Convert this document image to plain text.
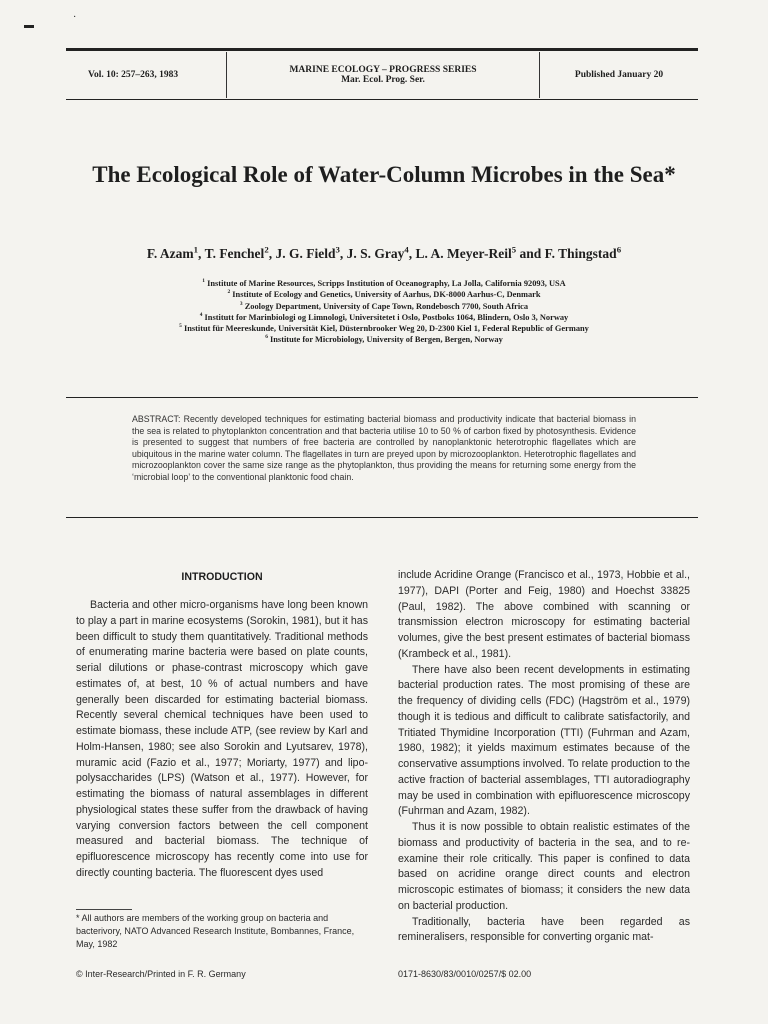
▬
·
Vol. 10: 257–263, 1983	MARINE ECOLOGY – PROGRESS SERIES
Mar. Ecol. Prog. Ser.	Published January 20
The Ecological Role of Water-Column Microbes in the Sea*
F. Azam$^1$, T. Fenchel$^2$, J. G. Field$^3$, J. S. Gray$^4$, L. A. Meyer-Reil$^5$ and F. Thingstad$^6$
$^1$ Institute of Marine Resources, Scripps Institution of Oceanography, La Jolla, California 92093, USA
$^2$ Institute of Ecology and Genetics, University of Aarhus, DK-8000 Aarhus-C, Denmark
$^3$ Zoology Department, University of Cape Town, Rondebosch 7700, South Africa
$^4$ Institutt for Marinbiologi og Limnologi, Universitetet i Oslo, Postboks 1064, Blindern, Oslo 3, Norway
$^5$ Institut für Meereskunde, Universität Kiel, Düsternbrooker Weg 20, D-2300 Kiel 1, Federal Republic of Germany
$^6$ Institute for Microbiology, University of Bergen, Bergen, Norway
ABSTRACT: Recently developed techniques for estimating bacterial biomass and productivity indicate that bacterial biomass in the sea is related to phytoplankton concentration and that bacteria utilise 10 to 50 % of carbon fixed by photosynthesis. Evidence is presented to suggest that numbers of free bacteria are controlled by nanoplanktonic heterotrophic flagellates which are ubiquitous in the marine water column. The flagellates in turn are preyed upon by microzooplankton. Heterotrophic flagellates and microzooplankton cover the same size range as the phytoplankton, thus providing the means for returning some energy from the ‘microbial loop’ to the conventional planktonic food chain.
INTRODUCTION

Bacteria and other micro-organisms have long been known to play a part in marine ecosystems (Sorokin, 1981), but it has been difficult to study them quantitatively. Traditional methods of enumerating marine bacteria were based on plate counts, serial dilutions or phase-contrast microscopy which gave estimates of, at best, 10 % of actual numbers and have generally been discarded for estimating bacterial biomass. Recently several chemical techniques have been used to estimate biomass, these include ATP, (see review by Karl and Holm-Hansen, 1980; see also Sorokin and Lyutsarev, 1978), muramic acid (Fazio et al., 1977; Moriarty, 1977) and lipo-polysaccharides (LPS) (Watson et al., 1977). However, for estimating the biomass of natural assemblages in different physiological states these suffer from the drawback of having varying conversion factors between the cell component measured and bacterial biomass. The technique of epifluorescence microscopy has recently come into use for directly counting bacteria. The fluorescent dyes used

include Acridine Orange (Francisco et al., 1973, Hobbie et al., 1977), DAPI (Porter and Feig, 1980) and Hoechst 33825 (Paul, 1982). The above combined with scanning or transmission electron microscopy for estimating bacterial volumes, give the best present estimates of bacterial biomass (Krambeck et al., 1981).

There have also been recent developments in estimating bacterial production rates. The most promising of these are the frequency of dividing cells (FDC) (Hagström et al., 1979) though it is tedious and difficult to calibrate satisfactorily, and Tritiated Thymidine Incorporation (TTI) (Fuhrman and Azam, 1980, 1982); it yields maximum estimates because of the conservative assumptions involved. To relate production to the active fraction of bacterial assemblages, TTI autoradiography may be used in combination with epifluorescence microscopy (Fuhrman and Azam, 1982).

Thus it is now possible to obtain realistic estimates of the biomass and productivity of bacteria in the sea, and to re-examine their role critically. This paper is confined to data based on acridine orange direct counts and electron microscopic estimates of biomass; it considers the new data on bacterial production.

Traditionally, bacteria have been regarded as remineralisers, responsible for converting organic mat-

* All authors are members of the working group on bacteria and bacterivory, NATO Advanced Research Institute, Bombannes, France, May, 1982
© Inter-Research/Printed in F. R. Germany	0171-8630/83/0010/0257/$ 02.00
